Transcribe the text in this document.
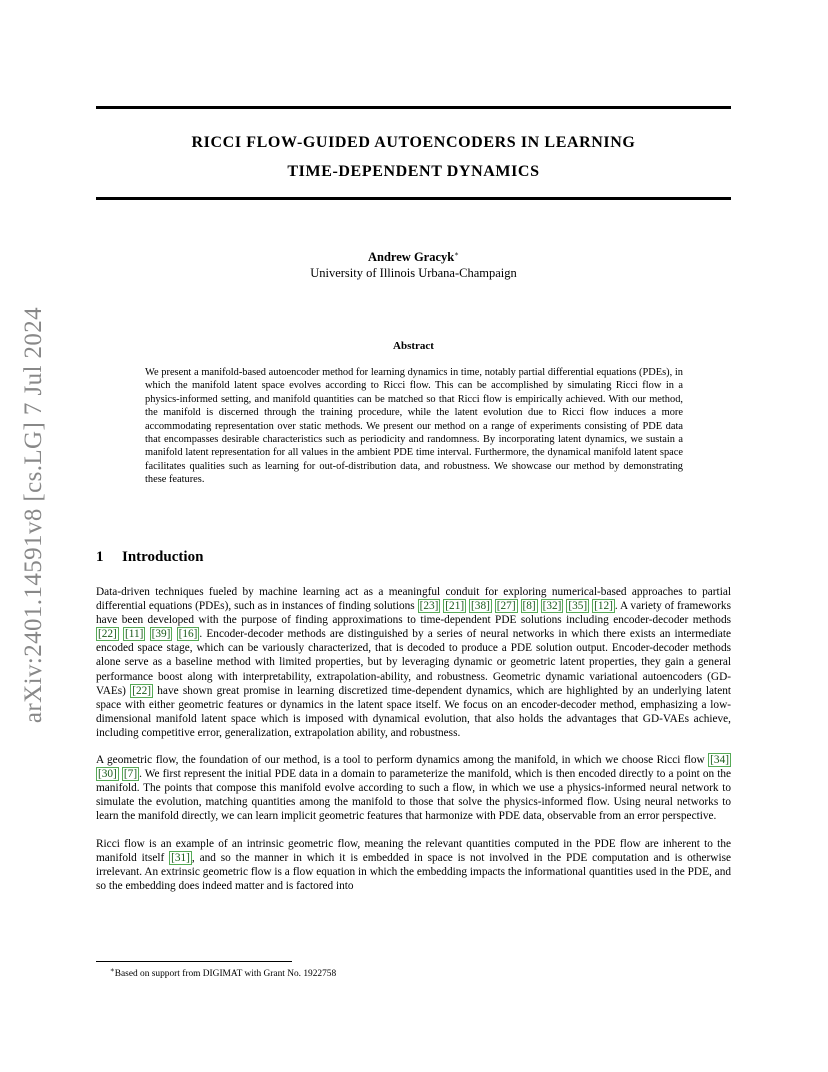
arXiv:2401.14591v8 [cs.LG] 7 Jul 2024
RICCI FLOW-GUIDED AUTOENCODERS IN LEARNING
TIME-DEPENDENT DYNAMICS
Andrew Gracyk∗
University of Illinois Urbana-Champaign
Abstract

We present a manifold-based autoencoder method for learning dynamics in time, notably partial differential equations (PDEs), in which the manifold latent space evolves according to Ricci flow. This can be accomplished by simulating Ricci flow in a physics-informed setting, and manifold quantities can be matched so that Ricci flow is empirically achieved. With our method, the manifold is discerned through the training procedure, while the latent evolution due to Ricci flow induces a more accommodating representation over static methods. We present our method on a range of experiments consisting of PDE data that encompasses desirable characteristics such as periodicity and randomness. By incorporating latent dynamics, we sustain a manifold latent representation for all values in the ambient PDE time interval. Furthermore, the dynamical manifold latent space facilitates qualities such as learning for out-of-distribution data, and robustness. We showcase our method by demonstrating these features.

1 Introduction

Data-driven techniques fueled by machine learning act as a meaningful conduit for exploring numerical-based approaches to partial differential equations (PDEs), such as in instances of finding solutions [23] [21] [38] [27] [8] [32] [35] [12] . A variety of frameworks have been developed with the purpose of finding approximations to time-dependent PDE solutions including encoder-decoder methods [22] [11] [39] [16] . Encoder-decoder methods are distinguished by a series of neural networks in which there exists an intermediate encoded space stage, which can be variously characterized, that is decoded to produce a PDE solution output. Encoder-decoder methods alone serve as a baseline method with limited properties, but by leveraging dynamic or geometric latent properties, they gain a general performance boost along with interpretability, extrapolation-ability, and robustness. Geometric dynamic variational autoencoders (GD-VAEs) [22] have shown great promise in learning discretized time-dependent dynamics, which are highlighted by an underlying latent space with either geometric features or dynamics in the latent space itself. We focus on an encoder-decoder method, emphasizing a low-dimensional manifold latent space which is imposed with dynamical evolution, that also holds the advantages that GD-VAEs achieve, including competitive error, generalization, extrapolation ability, and robustness.

A geometric flow, the foundation of our method, is a tool to perform dynamics among the manifold, in which we choose Ricci flow [34] [30] [7] . We first represent the initial PDE data in a domain to parameterize the manifold, which is then encoded directly to a point on the manifold. The points that compose this manifold evolve according to such a flow, in which we use a physics-informed neural network to simulate the evolution, matching quantities among the manifold to those that solve the physics-informed flow. Using neural networks to learn the manifold directly, we can learn implicit geometric features that harmonize with PDE data, observable from an error perspective.

Ricci flow is an example of an intrinsic geometric flow, meaning the relevant quantities computed in the PDE flow are inherent to the manifold itself [31] , and so the manner in which it is embedded in space is not involved in the PDE computation and is otherwise irrelevant. An extrinsic geometric flow is a flow equation in which the embedding impacts the informational quantities used in the PDE, and so the embedding does indeed matter and is factored into

∗Based on support from DIGIMAT with Grant No. 1922758
